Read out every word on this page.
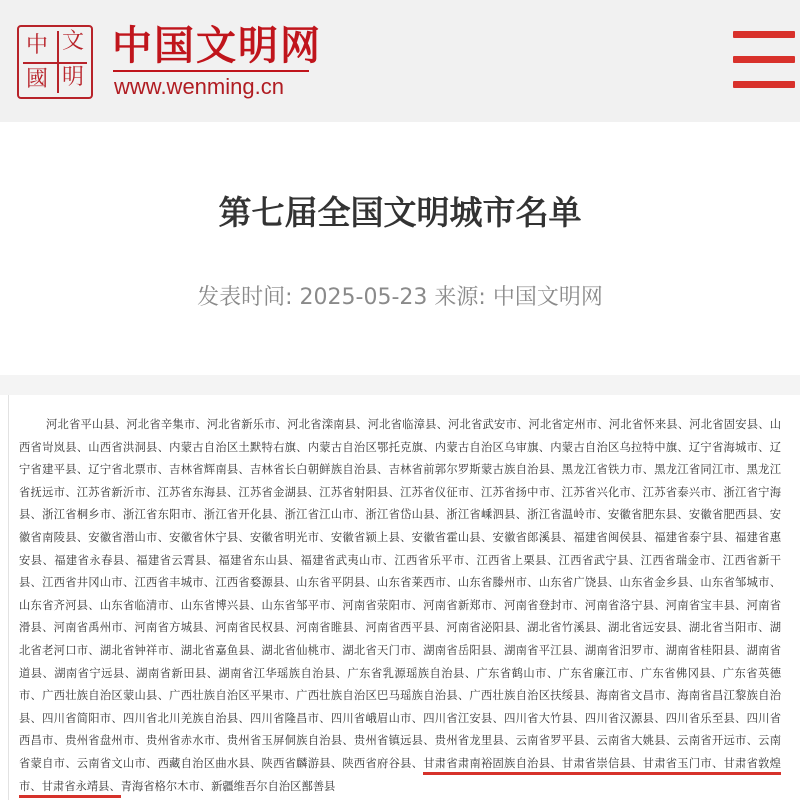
中 文
國 明
中国文明网
www.wenming.cn
第七届全国文明城市名单
发表时间: 2025-05-23 来源: 中国文明网
河北省平山县、河北省辛集市、河北省新乐市、河北省滦南县、河北省临漳县、河北省武安市、河北省定州市、河北省怀来县、河北省固安县、山
西省岢岚县、山西省洪洞县、内蒙古自治区土默特右旗、内蒙古自治区鄂托克旗、内蒙古自治区乌审旗、内蒙古自治区乌拉特中旗、辽宁省海城市、辽
宁省建平县、辽宁省北票市、吉林省辉南县、吉林省长白朝鲜族自治县、吉林省前郭尔罗斯蒙古族自治县、黑龙江省铁力市、黑龙江省同江市、黑龙江
省抚远市、江苏省新沂市、江苏省东海县、江苏省金湖县、江苏省射阳县、江苏省仪征市、江苏省扬中市、江苏省兴化市、江苏省泰兴市、浙江省宁海
县、浙江省桐乡市、浙江省东阳市、浙江省开化县、浙江省江山市、浙江省岱山县、浙江省嵊泗县、浙江省温岭市、安徽省肥东县、安徽省肥西县、安
徽省南陵县、安徽省潜山市、安徽省休宁县、安徽省明光市、安徽省颍上县、安徽省霍山县、安徽省郎溪县、福建省闽侯县、福建省泰宁县、福建省惠
安县、福建省永春县、福建省云霄县、福建省东山县、福建省武夷山市、江西省乐平市、江西省上栗县、江西省武宁县、江西省瑞金市、江西省新干
县、江西省井冈山市、江西省丰城市、江西省婺源县、山东省平阴县、山东省莱西市、山东省滕州市、山东省广饶县、山东省金乡县、山东省邹城市、
山东省齐河县、山东省临清市、山东省博兴县、山东省邹平市、河南省荥阳市、河南省新郑市、河南省登封市、河南省洛宁县、河南省宝丰县、河南省
滑县、河南省禹州市、河南省方城县、河南省民权县、河南省睢县、河南省西平县、河南省泌阳县、湖北省竹溪县、湖北省远安县、湖北省当阳市、湖
北省老河口市、湖北省钟祥市、湖北省嘉鱼县、湖北省仙桃市、湖北省天门市、湖南省岳阳县、湖南省平江县、湖南省汨罗市、湖南省桂阳县、湖南省
道县、湖南省宁远县、湖南省新田县、湖南省江华瑶族自治县、广东省乳源瑶族自治县、广东省鹤山市、广东省廉江市、广东省佛冈县、广东省英德
市、广西壮族自治区蒙山县、广西壮族自治区平果市、广西壮族自治区巴马瑶族自治县、广西壮族自治区扶绥县、海南省文昌市、海南省昌江黎族自治
县、四川省简阳市、四川省北川羌族自治县、四川省隆昌市、四川省峨眉山市、四川省江安县、四川省大竹县、四川省汉源县、四川省乐至县、四川省
西昌市、贵州省盘州市、贵州省赤水市、贵州省玉屏侗族自治县、贵州省镇远县、贵州省龙里县、云南省罗平县、云南省大姚县、云南省开远市、云南
省蒙自市、云南省文山市、西藏自治区曲水县、陕西省麟游县、陕西省府谷县、甘肃省肃南裕固族自治县、甘肃省崇信县、甘肃省玉门市、甘肃省敦煌
市、甘肃省永靖县、青海省格尔木市、新疆维吾尔自治区鄯善县
